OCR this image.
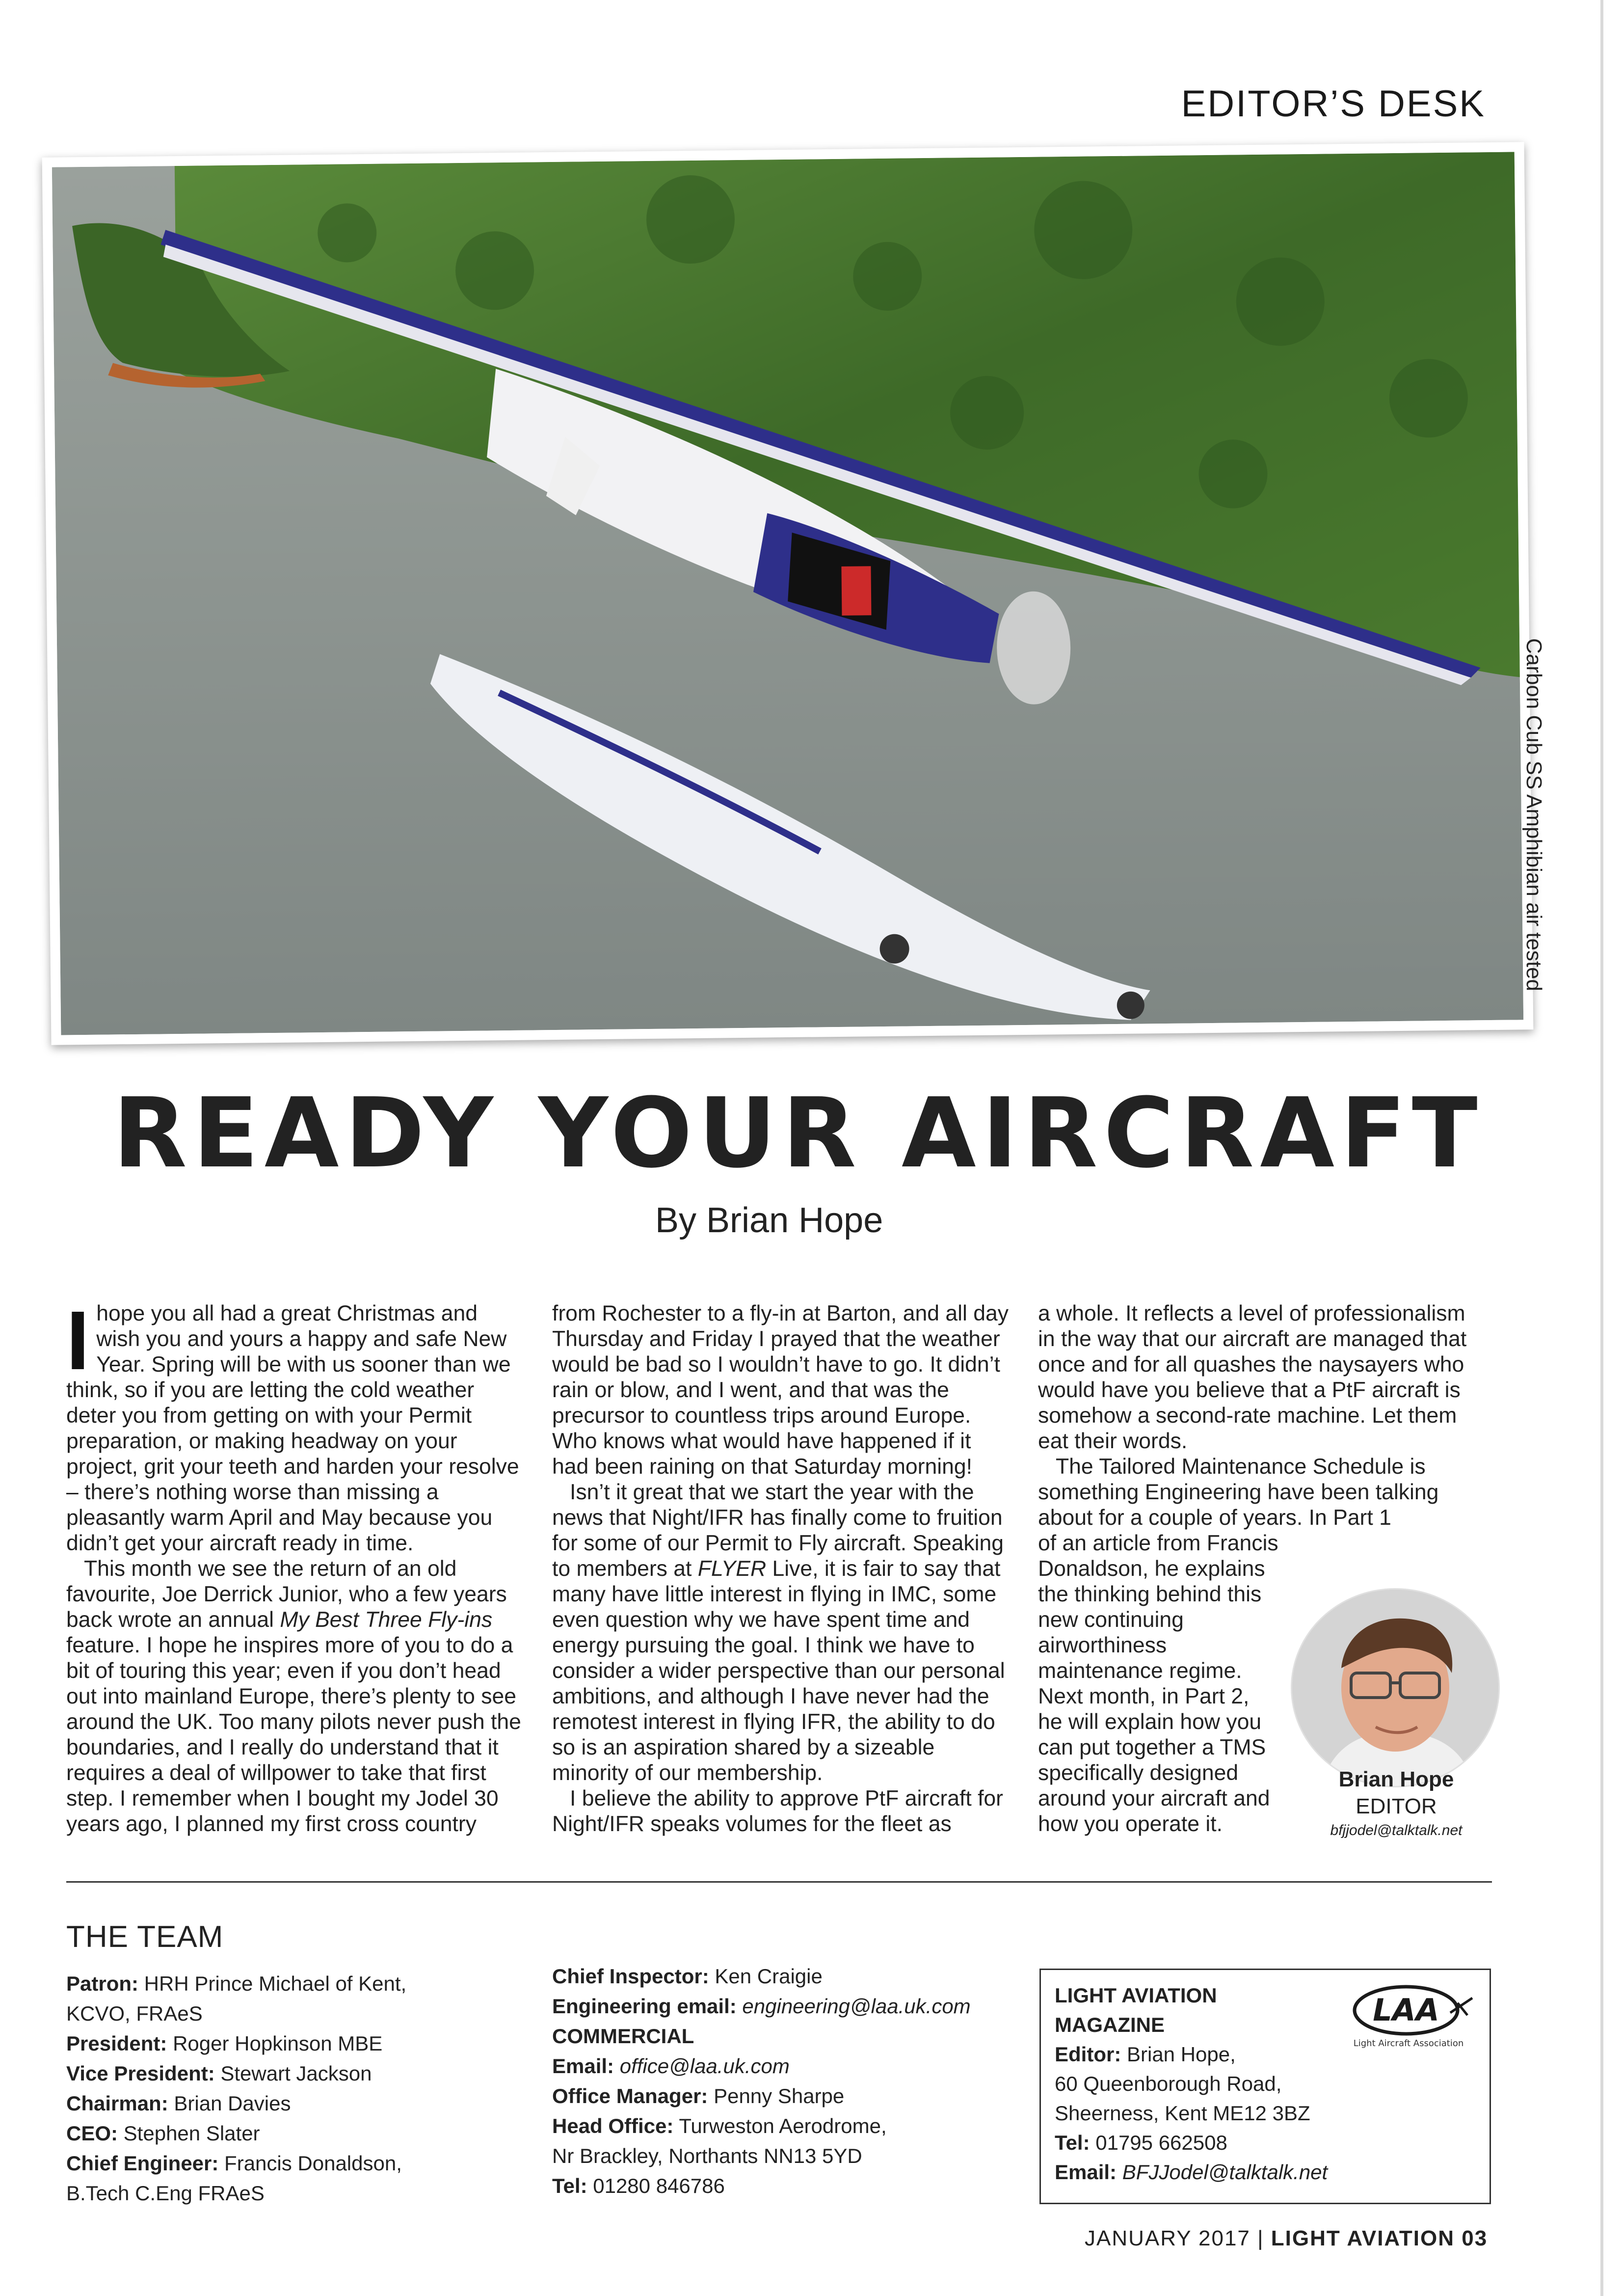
EDITOR’S DESK
Carbon Cub SS Amphibian air tested
READY YOUR AIRCRAFT
By Brian Hope

Ihope you all had a great Christmas and wish you and yours a happy and safe New Year. Spring will be with us sooner than we think, so if you are letting the cold weather deter you from getting on with your Permit preparation, or making headway on your project, grit your teeth and harden your resolve – there’s nothing worse than missing a pleasantly warm April and May because you didn’t get your aircraft ready in time.

This month we see the return of an old favourite, Joe Derrick Junior, who a few years back wrote an annual My Best Three Fly-ins feature. I hope he inspires more of you to do a bit of touring this year; even if you don’t head out into mainland Europe, there’s plenty to see around the UK. Too many pilots never push the boundaries, and I really do understand that it requires a deal of willpower to take that first step. I remember when I bought my Jodel 30 years ago, I planned my first cross country

from Rochester to a fly-in at Barton, and all day Thursday and Friday I prayed that the weather would be bad so I wouldn’t have to go. It didn’t rain or blow, and I went, and that was the precursor to countless trips around Europe. Who knows what would have happened if it had been raining on that Saturday morning!

Isn’t it great that we start the year with the news that Night/IFR has finally come to fruition for some of our Permit to Fly aircraft. Speaking to members at FLYER Live, it is fair to say that many have little interest in flying in IMC, some even question why we have spent time and energy pursuing the goal. I think we have to consider a wider perspective than our personal ambitions, and although I have never had the remotest interest in flying IFR, the ability to do so is an aspiration shared by a sizeable minority of our membership.

I believe the ability to approve PtF aircraft for Night/IFR speaks volumes for the fleet as

a whole. It reflects a level of professionalism in the way that our aircraft are managed that once and for all quashes the naysayers who would have you believe that a PtF aircraft is somehow a second-rate machine. Let them eat their words.

The Tailored Maintenance Schedule is something Engineering have been talking about for a couple of years. In Part 1

of an article from Francis Donaldson, he explains the thinking behind this new continuing airworthiness maintenance regime. Next month, in Part 2, he will explain how you can put together a TMS specifically designed around your aircraft and how you operate it.

Brian Hope
EDITOR
bfjjodel@talktalk.net
THE TEAM
Patron: HRH Prince Michael of Kent,
KCVO, FRAeS
President: Roger Hopkinson MBE
Vice President: Stewart Jackson
Chairman: Brian Davies
CEO: Stephen Slater
Chief Engineer: Francis Donaldson,
B.Tech C.Eng FRAeS
Chief Inspector: Ken Craigie
Engineering email: engineering@laa.uk.com
COMMERCIAL
Email: office@laa.uk.com
Office Manager: Penny Sharpe
Head Office: Turweston Aerodrome,
Nr Brackley, Northants NN13 5YD
Tel: 01280 846786
LIGHT AVIATION
MAGAZINE
Editor: Brian Hope,
60 Queenborough Road,
Sheerness, Kent ME12 3BZ
Tel: 01795 662508
Email: BFJJodel@talktalk.net
LAA
Light Aircraft Association
JANUARY 2017 | LIGHT AVIATION 03
